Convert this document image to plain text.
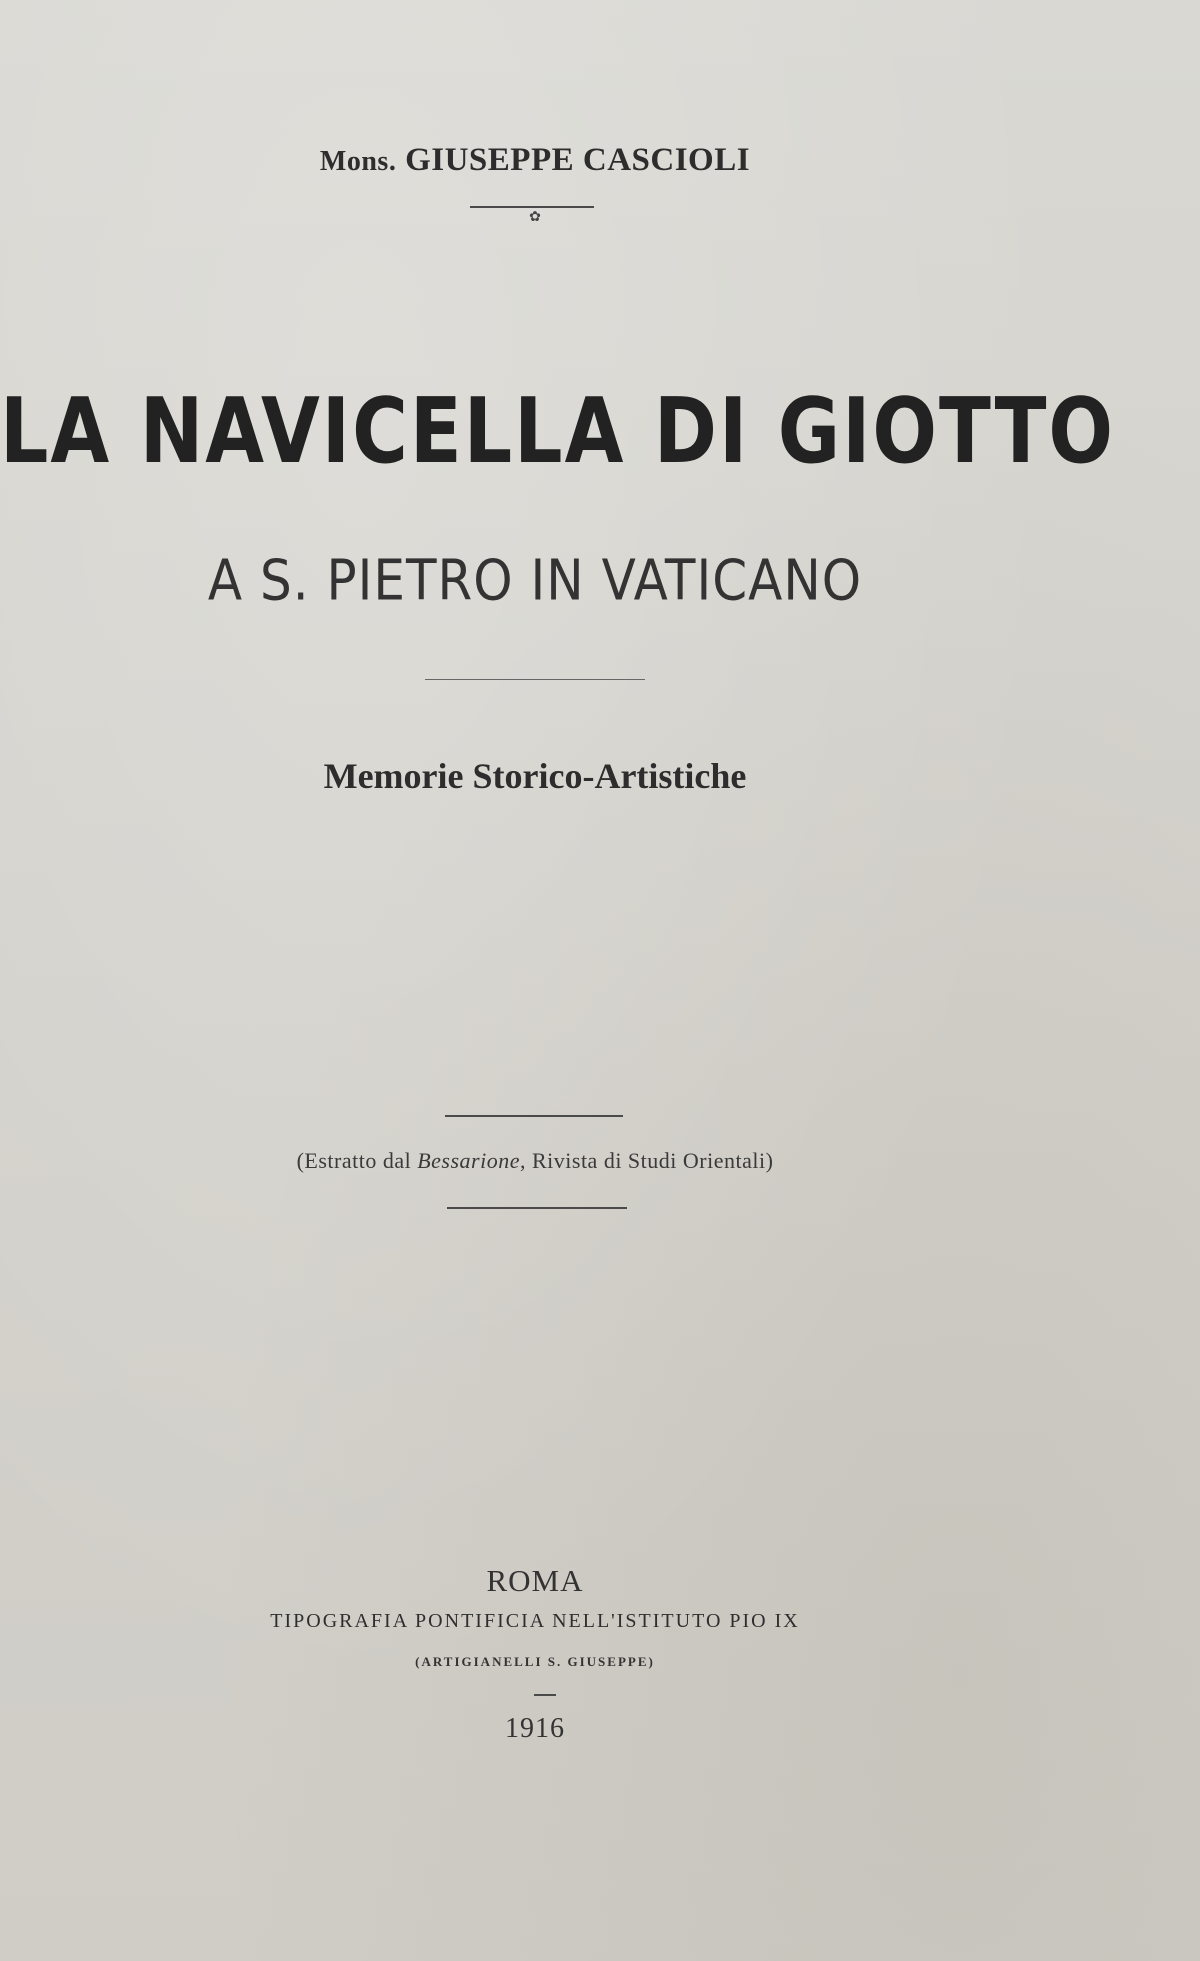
Mons. GIUSEPPE CASCIOLI
✿
LA NAVICELLA DI GIOTTO
A S. PIETRO IN VATICANO
Memorie Storico-Artistiche
(Estratto dal Bessarione, Rivista di Studi Orientali)
ROMA
TIPOGRAFIA PONTIFICIA NELL'ISTITUTO PIO IX
(ARTIGIANELLI S. GIUSEPPE)
1916
